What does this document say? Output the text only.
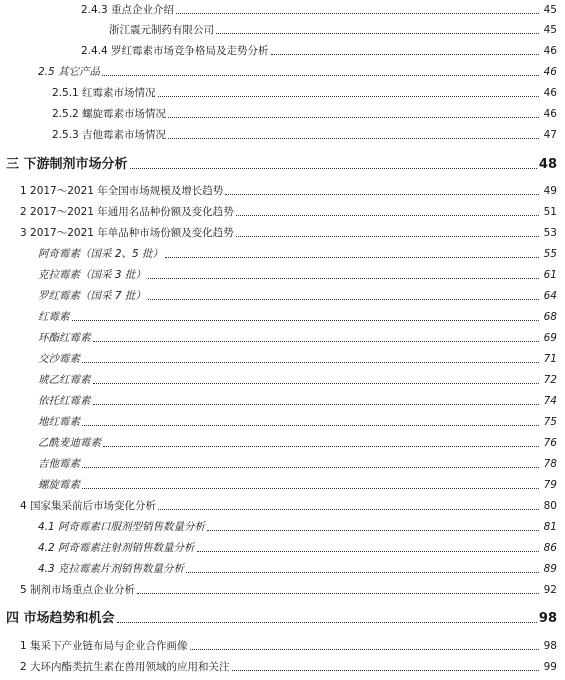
2.4.3 重点企业介绍	45
浙江震元制药有限公司	45
2.4.4 罗红霉素市场竞争格局及走势分析	46
2.5 其它产品	46
2.5.1 红霉素市场情况	46
2.5.2 螺旋霉素市场情况	46
2.5.3 吉他霉素市场情况	47
三 下游制剂市场分析	48
1 2017～2021 年全国市场规模及增长趋势	49
2 2017～2021 年通用名品种份额及变化趋势	51
3 2017～2021 年单品种市场份额及变化趋势	53
阿奇霉素（国采 2、5 批）	55
克拉霉素（国采 3 批）	61
罗红霉素（国采 7 批）	64
红霉素	68
环酯红霉素	69
交沙霉素	71
琥乙红霉素	72
依托红霉素	74
地红霉素	75
乙酰麦迪霉素	76
吉他霉素	78
螺旋霉素	79
4 国家集采前后市场变化分析	80
4.1 阿奇霉素口服剂型销售数量分析	81
4.2 阿奇霉素注射剂销售数量分析	86
4.3 克拉霉素片剂销售数量分析	89
5 制剂市场重点企业分析	92
四 市场趋势和机会	98
1 集采下产业链布局与企业合作画像	98
2 大环内酯类抗生素在兽用领域的应用和关注	99
